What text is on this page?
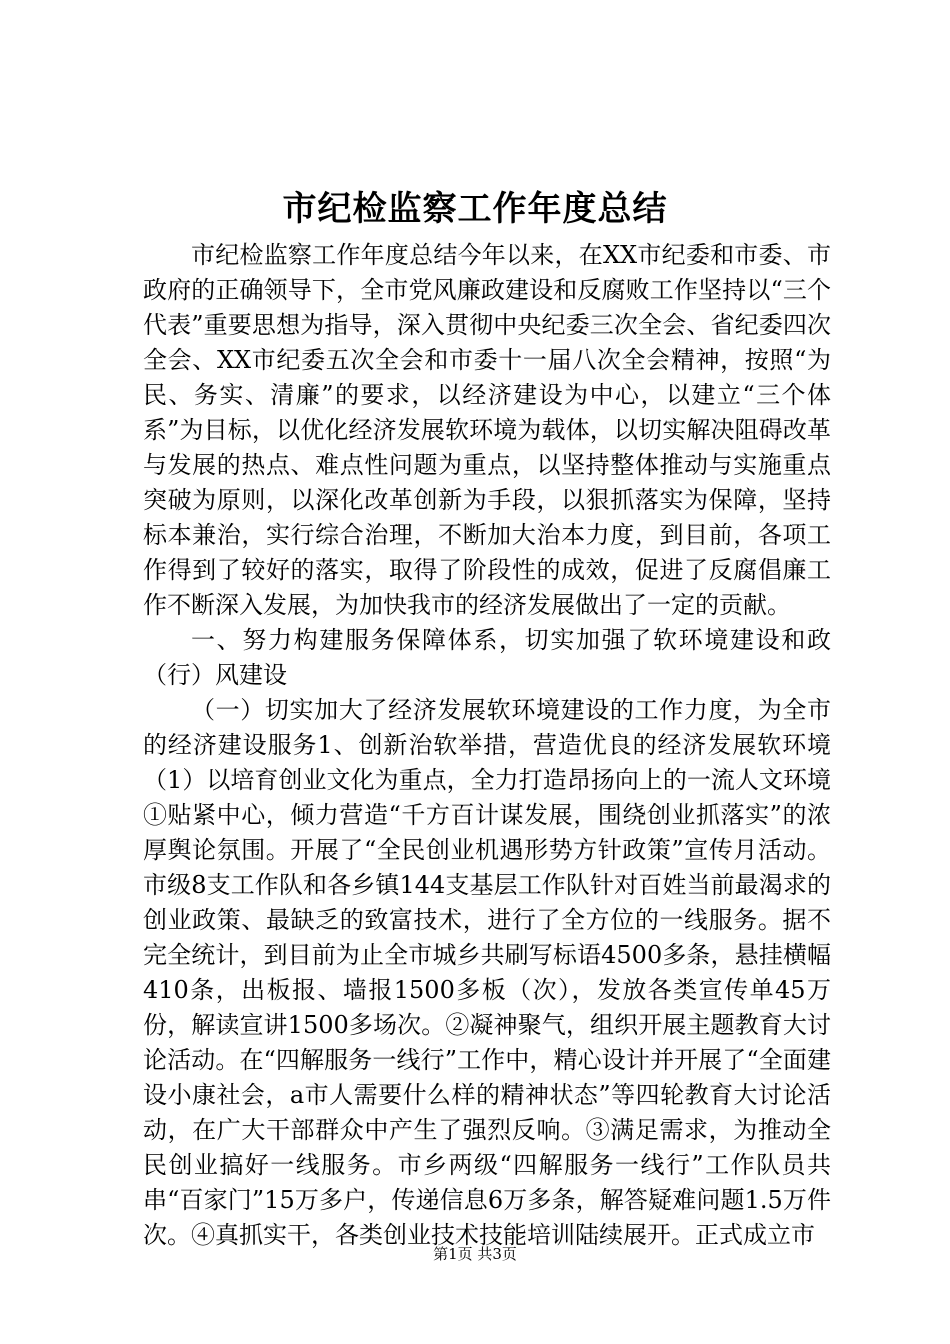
市纪检监察工作年度总结

市纪检监察工作年度总结今年以来，在XX市纪委和市委、市政府的正确领导下，全市党风廉政建设和反腐败工作坚持以“三个代表”重要思想为指导，深入贯彻中央纪委三次全会、省纪委四次全会、XX市纪委五次全会和市委十一届八次全会精神，按照“为民、务实、清廉”的要求，以经济建设为中心，以建立“三个体系”为目标，以优化经济发展软环境为载体，以切实解决阻碍改革与发展的热点、难点性问题为重点，以坚持整体推动与实施重点突破为原则，以深化改革创新为手段，以狠抓落实为保障，坚持标本兼治，实行综合治理，不断加大治本力度，到目前，各项工作得到了较好的落实，取得了阶段性的成效，促进了反腐倡廉工作不断深入发展，为加快我市的经济发展做出了一定的贡献。

一、努力构建服务保障体系，切实加强了软环境建设和政（行）风建设

（一）切实加大了经济发展软环境建设的工作力度，为全市的经济建设服务1、创新治软举措，营造优良的经济发展软环境（1）以培育创业文化为重点，全力打造昂扬向上的一流人文环境①贴紧中心，倾力营造“千方百计谋发展，围绕创业抓落实”的浓厚舆论氛围。开展了“全民创业机遇形势方针政策”宣传月活动。市级8支工作队和各乡镇144支基层工作队针对百姓当前最渴求的创业政策、最缺乏的致富技术，进行了全方位的一线服务。据不完全统计，到目前为止全市城乡共刷写标语4500多条，悬挂横幅410条，出板报、墙报1500多板（次），发放各类宣传单45万份，解读宣讲1500多场次。②凝神聚气，组织开展主题教育大讨论活动。在“四解服务一线行”工作中，精心设计并开展了“全面建设小康社会，a市人需要什么样的精神状态”等四轮教育大讨论活动，在广大干部群众中产生了强烈反响。③满足需求，为推动全民创业搞好一线服务。市乡两级“四解服务一线行”工作队员共串“百家门”15万多户，传递信息6万多条，解答疑难问题1.5万件次。④真抓实干，各类创业技术技能培训陆续展开。正式成立市

第1页 共3页
